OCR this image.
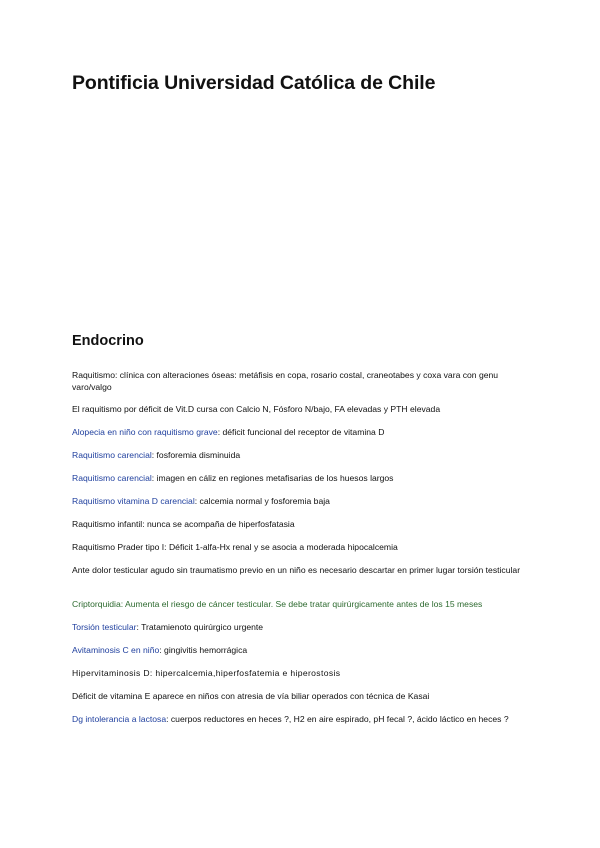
Pontificia Universidad Católica de Chile
Endocrino
Raquitismo: clínica con alteraciones óseas: metáfisis en copa, rosario costal, craneotabes y coxa vara con genu varo/valgo
El raquitismo por déficit de Vit.D cursa con Calcio N, Fósforo N/bajo, FA elevadas y PTH elevada
Alopecia en niño con raquitismo grave: déficit funcional del receptor de vitamina D
Raquitismo carencial: fosforemia disminuida
Raquitismo carencial: imagen en cáliz en regiones metafisarias de los huesos largos
Raquitismo vitamina D carencial: calcemia normal y fosforemia baja
Raquitismo infantil: nunca se acompaña de hiperfosfatasia
Raquitismo Prader tipo I: Déficit 1-alfa-Hx renal y se asocia a moderada hipocalcemia
Ante dolor testicular agudo sin traumatismo previo en un niño es necesario descartar en primer lugar torsión testicular
Criptorquidia: Aumenta el riesgo de cáncer testicular. Se debe tratar quirúrgicamente antes de los 15 meses
Torsión testicular: Tratamienoto quirúrgico urgente
Avitaminosis C en niño: gingivitis hemorrágica
Hipervitaminosis D: hipercalcemia,hiperfosfatemia e hiperostosis
Déficit de vitamina E aparece en niños con atresia de vía biliar operados con técnica de Kasai
Dg intolerancia a lactosa: cuerpos reductores en heces ?, H2 en aire espirado, pH fecal ?, ácido láctico en heces ?
